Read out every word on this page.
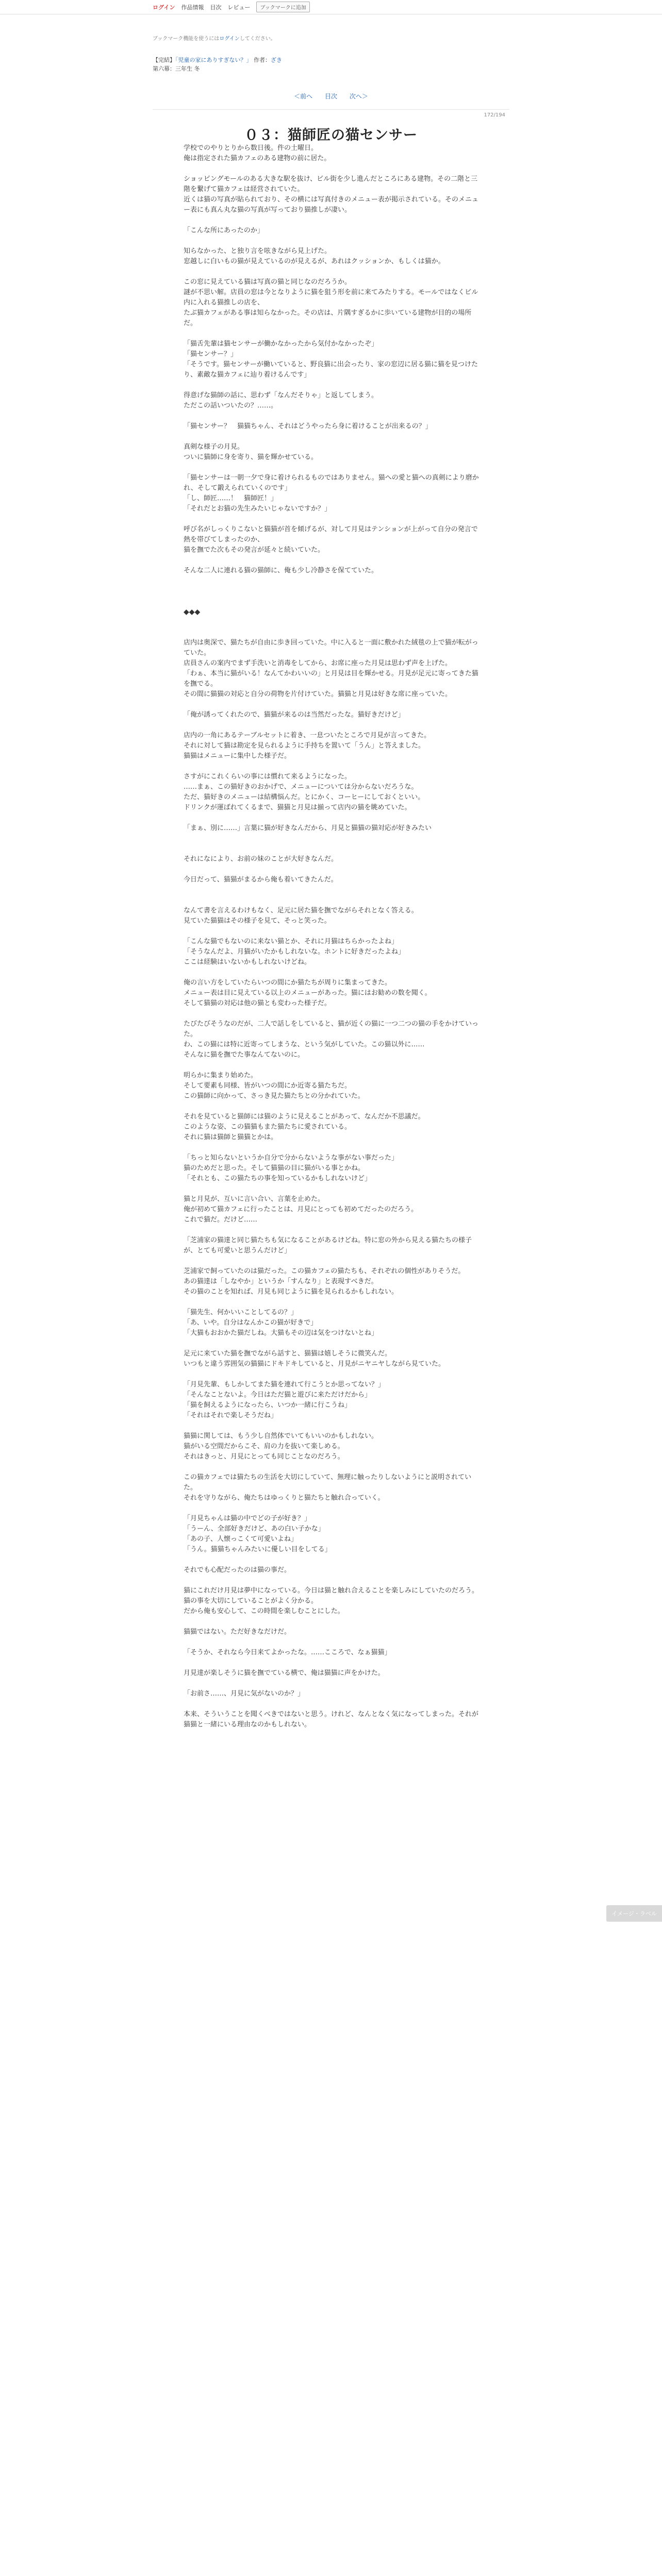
ログイン 作品情報 目次 レビュー	ブックマークに追加
ブックマーク機能を使うにはログインしてください。
【完結】「児童の家にありすぎない？」 作者：ざき
第六幕：三年生 冬
＜前へ 目次 次へ＞
172/194
０３：猫師匠の猫センサー

学校でのやりとりから数日後。件の土曜日。

俺は指定された猫カフェのある建物の前に居た。

ショッピングモールのある大きな駅を抜け、ビル街を少し進んだところにある建物。その二階と三階を繋げて猫カフェは経営されていた。

近くは猫の写真が貼られており、その横には写真付きのメニュー表が掲示されている。そのメニュー表にも真ん丸な猫の写真が写っており猫推しが凄い。

「こんな所にあったのか」

知らなかった、と独り言を呟きながら見上げた。

窓越しに白いもの猫が見えているのが見えるが、あれはクッションか、もしくは猫か。

この窓に見えている猫は写真の猫と同じなのだろうか。

謎が不思い解。店員の窓は今となりように猫を狙う形を前に来てみたりする。モールではなくビル内に入れる猫推しの店を、

たぶ猫カフェがある事は知らなかった。その店は、片隅すぎるかに歩いている建物が目的の場所だ。

「猫舌先輩は猫センサーが働かなかったから気付かなかったぞ」

「猫センサー？」

「そうです。猫センサーが働いていると、野良猫に出会ったり、家の窓辺に居る猫に猫を見つけたり、素敵な猫カフェに辿り着けるんです」

得意げな猫師の話に、思わず「なんだそりゃ」と返してしまう。

ただこの話いついたの？……。

「猫センサー？　猫猫ちゃん、それはどうやったら身に着けることが出来るの？」

真剣な様子の月見。

ついに猫師に身を寄り、猫を輝かせている。

「猫センサーは一朝一夕で身に着けられるものではありません。猫への愛と猫への真剣により磨かれ、そして鍛えられていくのです」

「し、師匠……！　猫師匠！」

「それだとお猫の先生みたいじゃないですか？」

呼び名がしっくりこないと猫猫が首を傾げるが、対して月見はテンションが上がって自分の発言で熱を帯びてしまったのか、

猫を撫でた次もその発言が延々と続いていた。

そんな二人に連れる猫の猫師に、俺も少し冷静さを保てていた。

◆◆◆

店内は奥深で、猫たちが自由に歩き回っていた。中に入ると一面に敷かれた絨毯の上で猫が転がっていた。

店員さんの案内でまず手洗いと消毒をしてから、お席に座った月見は思わず声を上げた。

「わぁ、本当に猫がいる！なんてかわいいの」と月見は目を輝かせる。月見が足元に寄ってきた猫を撫でる。

その間に猫猫の対応と自分の荷物を片付けていた。猫猫と月見は好きな席に座っていた。

「俺が誘ってくれたので、猫猫が来るのは当然だったな。猫好きだけど」

店内の一角にあるテーブルセットに着き、一息ついたところで月見が言ってきた。

それに対して猫は勘定を見られるように手持ちを置いて「うん」と答えました。

猫猫はメニューに集中した様子だ。

さすがにこれくらいの事には慣れて来るようになった。

……まぁ、この猫好きのおかげで、メニューについては分からないだろうな。

ただ、猫好きのメニューは結構悩んだ。とにかく、コーヒーにしておくといい。

ドリンクが運ばれてくるまで、猫猫と月見は揃って店内の猫を眺めていた。

「まぁ、別に……」言葉に猫が好きなんだから、月見と猫猫の猫対応が好きみたい

それになにより、お前の妹のことが大好きなんだ。

今日だって、猫猫がまるから俺も着いてきたんだ。

なんて書を言えるわけもなく、足元に居た猫を撫でながらそれとなく答える。

見ていた猫猫はその様子を見て、そっと笑った。

「こんな猫でもないのに来ない猫とか、それに月猫はちらかったよね」

「そうなんだよ、月猫がいたかもしれないな。ホントに好きだったよね」

ここは経験はいないかもしれないけどね。

俺の言い方をしていたらいつの間にか猫たちが周りに集まってきた。

メニュー表は目に見えている以上のメニューがあった。猫にはお勧めの数を聞く。

そして猫猫の対応は他の猫とも変わった様子だ。

たびたびそうなのだが、二人で話しをしていると、猫が近くの猫に一つ二つの猫の手をかけていった。

わ、この猫には特に近寄ってしまうな、という気がしていた。この猫以外に……

そんなに猫を撫でた事なんてないのに。

明らかに集まり始めた。

そして要素も同様、皆がいつの間にか近寄る猫たちだ。

この猫師に向かって、さっき見た猫たちとの分かれていた。

それを見ていると猫師には猫のように見えることがあって、なんだか不思議だ。

このような姿、この猫猫もまた猫たちに愛されている。

それに猫は猫師と猫猫とかは。

「ちっと知らないというか自分で分からないような事がない事だった」

猫のためだと思った。そして猫猫の目に猫がいる事とかね。

「それとも、この猫たちの事を知っているかもしれないけど」

猫と月見が、互いに言い合い、言葉を止めた。

俺が初めて猫カフェに行ったことは、月見にとっても初めてだったのだろう。

これで猫だ。だけど……

「芝浦家の猫達と同じ猫たちも気になることがあるけどね。特に窓の外から見える猫たちの様子が、とても可愛いと思うんだけど」

芝浦家で飼っていたのは猫だった。この猫カフェの猫たちも、それぞれの個性がありそうだ。

あの猫達は「しなやか」というか「すんなり」と表現すべきだ。

その猫のことを知れば、月見も同じように猫を見られるかもしれない。

「猫先生、何かいいことしてるの？」

「あ、いや。自分はなんかこの猫が好きで」

「大猫もおおかた猫だしね。大猫もその辺は気をつけないとね」

足元に来ていた猫を撫でながら話すと、猫猫は嬉しそうに微笑んだ。

いつもと違う雰囲気の猫猫にドキドキしていると、月見がニヤニヤしながら見ていた。

「月見先輩、もしかしてまた猫を連れて行こうとか思ってない？」

「そんなことないよ。今日はただ猫と遊びに来ただけだから」

「猫を飼えるようになったら、いつか一緒に行こうね」

「それはそれで楽しそうだね」

猫猫に関しては、もう少し自然体でいてもいいのかもしれない。

猫がいる空間だからこそ、肩の力を抜いて楽しめる。

それはきっと、月見にとっても同じことなのだろう。

この猫カフェでは猫たちの生活を大切にしていて、無理に触ったりしないようにと説明されていた。

それを守りながら、俺たちはゆっくりと猫たちと触れ合っていく。

「月見ちゃんは猫の中でどの子が好き？」

「うーん、全部好きだけど、あの白い子かな」

「あの子、人懐っこくて可愛いよね」

「うん。猫猫ちゃんみたいに優しい目をしてる」

それでも心配だったのは猫の事だ。

猫にこれだけ月見は夢中になっている。今日は猫と触れ合えることを楽しみにしていたのだろう。

猫の事を大切にしていることがよく分かる。

だから俺も安心して、この時間を楽しむことにした。

猫猫ではない。ただ好きなだけだ。

「そうか、それなら今日来てよかったな。……こころで、なぁ猫猫」

月見達が楽しそうに猫を撫でている横で、俺は猫猫に声をかけた。

「お前さ……、月見に気がないのか？」

本来、そういうことを聞くべきではないと思う。けれど、なんとなく気になってしまった。それが猫猫と一緒にいる理由なのかもしれない。

イメージ・ラベル
